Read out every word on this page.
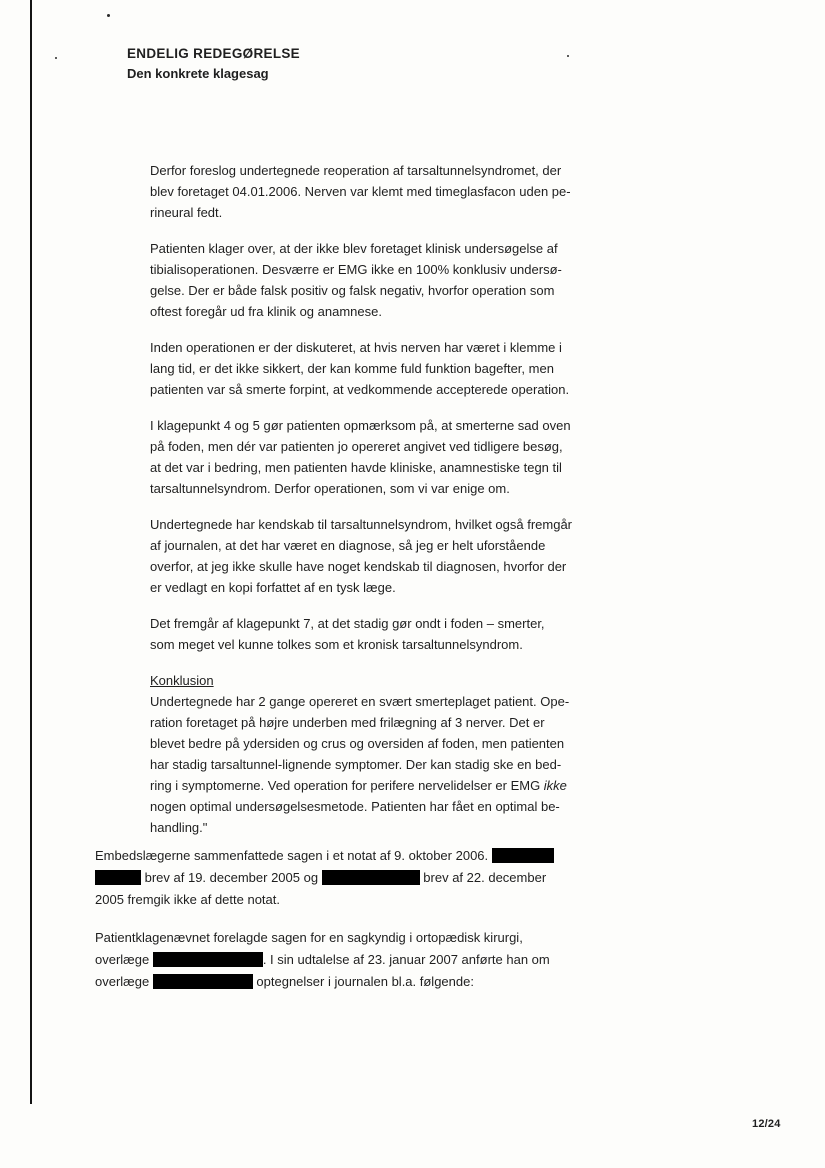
ENDELIG REDEGØRELSE
Den konkrete klagesag
Derfor foreslog undertegnede reoperation af tarsaltunnelsyndromet, der
blev foretaget 04.01.2006. Nerven var klemt med timeglasfacon uden pe-
rineural fedt.
Patienten klager over, at der ikke blev foretaget klinisk undersøgelse af
tibialisoperationen. Desværre er EMG ikke en 100% konklusiv undersø-
gelse. Der er både falsk positiv og falsk negativ, hvorfor operation som
oftest foregår ud fra klinik og anamnese.
Inden operationen er der diskuteret, at hvis nerven har været i klemme i
lang tid, er det ikke sikkert, der kan komme fuld funktion bagefter, men
patienten var så smerte forpint, at vedkommende accepterede operation.
I klagepunkt 4 og 5 gør patienten opmærksom på, at smerterne sad oven
på foden, men dér var patienten jo opereret angivet ved tidligere besøg,
at det var i bedring, men patienten havde kliniske, anamnestiske tegn til
tarsaltunnelsyndrom. Derfor operationen, som vi var enige om.
Undertegnede har kendskab til tarsaltunnelsyndrom, hvilket også fremgår
af journalen, at det har været en diagnose, så jeg er helt uforstående
overfor, at jeg ikke skulle have noget kendskab til diagnosen, hvorfor der
er vedlagt en kopi forfattet af en tysk læge.
Det fremgår af klagepunkt 7, at det stadig gør ondt i foden – smerter,
som meget vel kunne tolkes som et kronisk tarsaltunnelsyndrom.
Konklusion
Undertegnede har 2 gange opereret en svært smerteplaget patient. Ope-
ration foretaget på højre underben med frilægning af 3 nerver. Det er
blevet bedre på ydersiden og crus og oversiden af foden, men patienten
har stadig tarsaltunnel-lignende symptomer. Der kan stadig ske en bed-
ring i symptomerne. Ved operation for perifere nervelidelser er EMG ikke
nogen optimal undersøgelsesmetode. Patienten har fået en optimal be-
handling."
Embedslægerne sammenfattede sagen i et notat af 9. oktober 2006.
brev af 19. december 2005 og	brev af 22. december
2005 fremgik ikke af dette notat.
Patientklagenævnet forelagde sagen for en sagkyndig i ortopædisk kirurgi,
overlæge	. I sin udtalelse af 23. januar 2007 anførte han om
overlæge	optegnelser i journalen bl.a. følgende:
12/24
